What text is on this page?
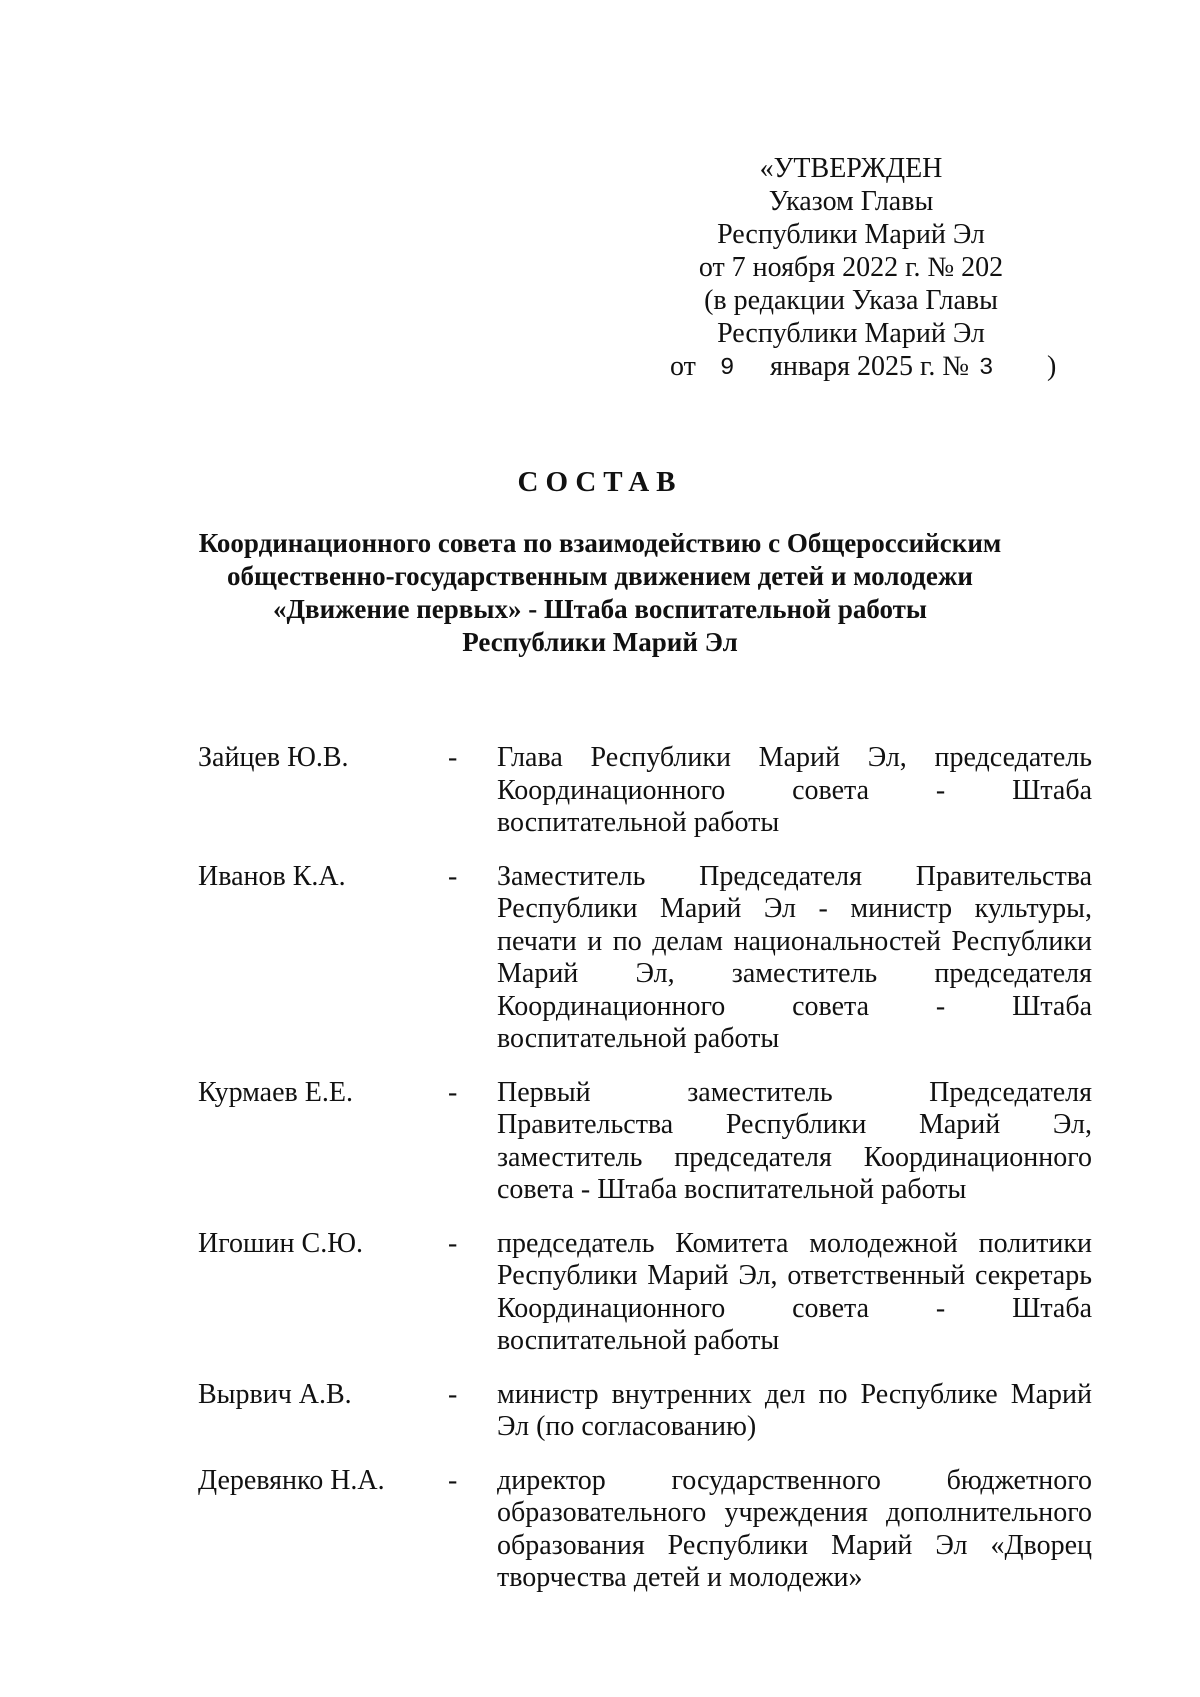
«УТВЕРЖДЕН
Указом Главы
Республики Марий Эл
от 7 ноября 2022 г. № 202
(в редакции Указа Главы
Республики Марий Эл
от 9 января 2025 г. № 3 )
СОСТАВ
Координационного совета по взаимодействию с Общероссийским
общественно-государственным движением детей и молодежи
«Движение первых» - Штаба воспитательной работы
Республики Марий Эл
Зайцев Ю.В.	- Глава Республики Марий Эл, председатель Координационного совета - Штаба воспитательной работы
Иванов К.А.	- Заместитель Председателя Правительства Республики Марий Эл - министр культуры, печати и по делам национальностей Республики Марий Эл, заместитель председателя Координационного совета - Штаба воспитательной работы
Курмаев Е.Е.	- Первый заместитель Председателя Правительства Республики Марий Эл, заместитель председателя Координационного совета - Штаба воспитательной работы
Игошин С.Ю.	- председатель Комитета молодежной политики Республики Марий Эл, ответственный секретарь Координационного совета - Штаба воспитательной работы
Вырвич А.В.	- министр внутренних дел по Республике Марий Эл (по согласованию)
Деревянко Н.А. - директор государственного бюджетного образовательного учреждения дополнительного образования Республики Марий Эл «Дворец творчества детей и молодежи»
